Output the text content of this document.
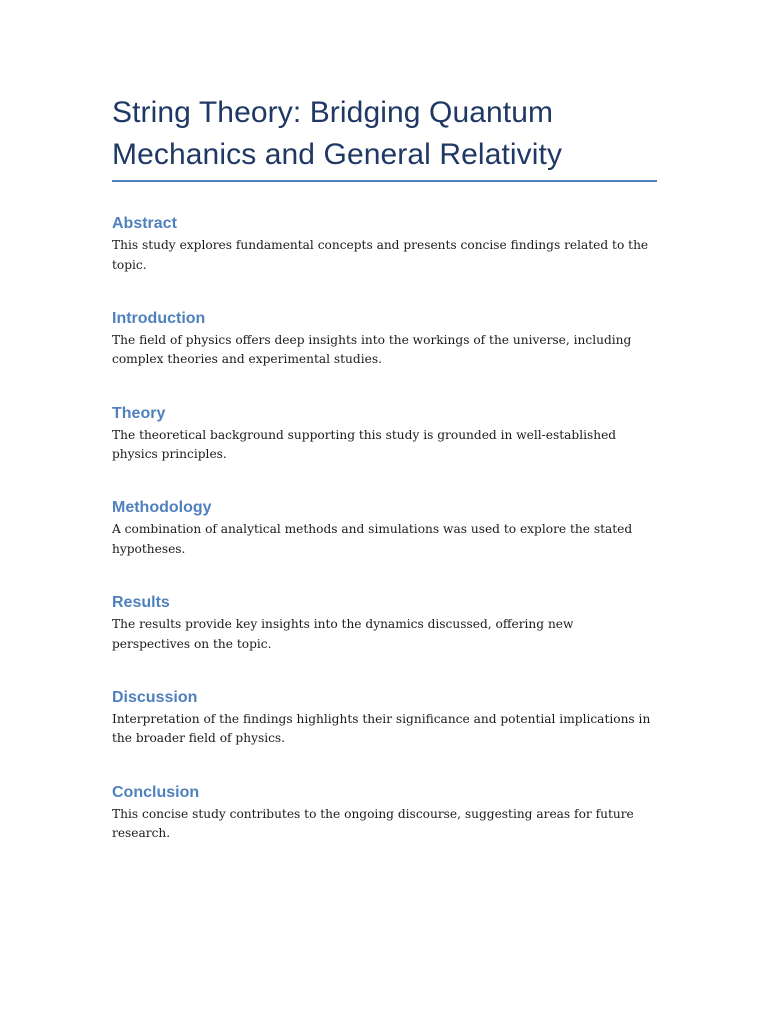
String Theory: Bridging Quantum Mechanics and General Relativity
Abstract

This study explores fundamental concepts and presents concise findings related to the topic.

Introduction

The field of physics offers deep insights into the workings of the universe, including complex theories and experimental studies.

Theory

The theoretical background supporting this study is grounded in well-established physics principles.

Methodology

A combination of analytical methods and simulations was used to explore the stated hypotheses.

Results

The results provide key insights into the dynamics discussed, offering new perspectives on the topic.

Discussion

Interpretation of the findings highlights their significance and potential implications in the broader field of physics.

Conclusion

This concise study contributes to the ongoing discourse, suggesting areas for future research.
